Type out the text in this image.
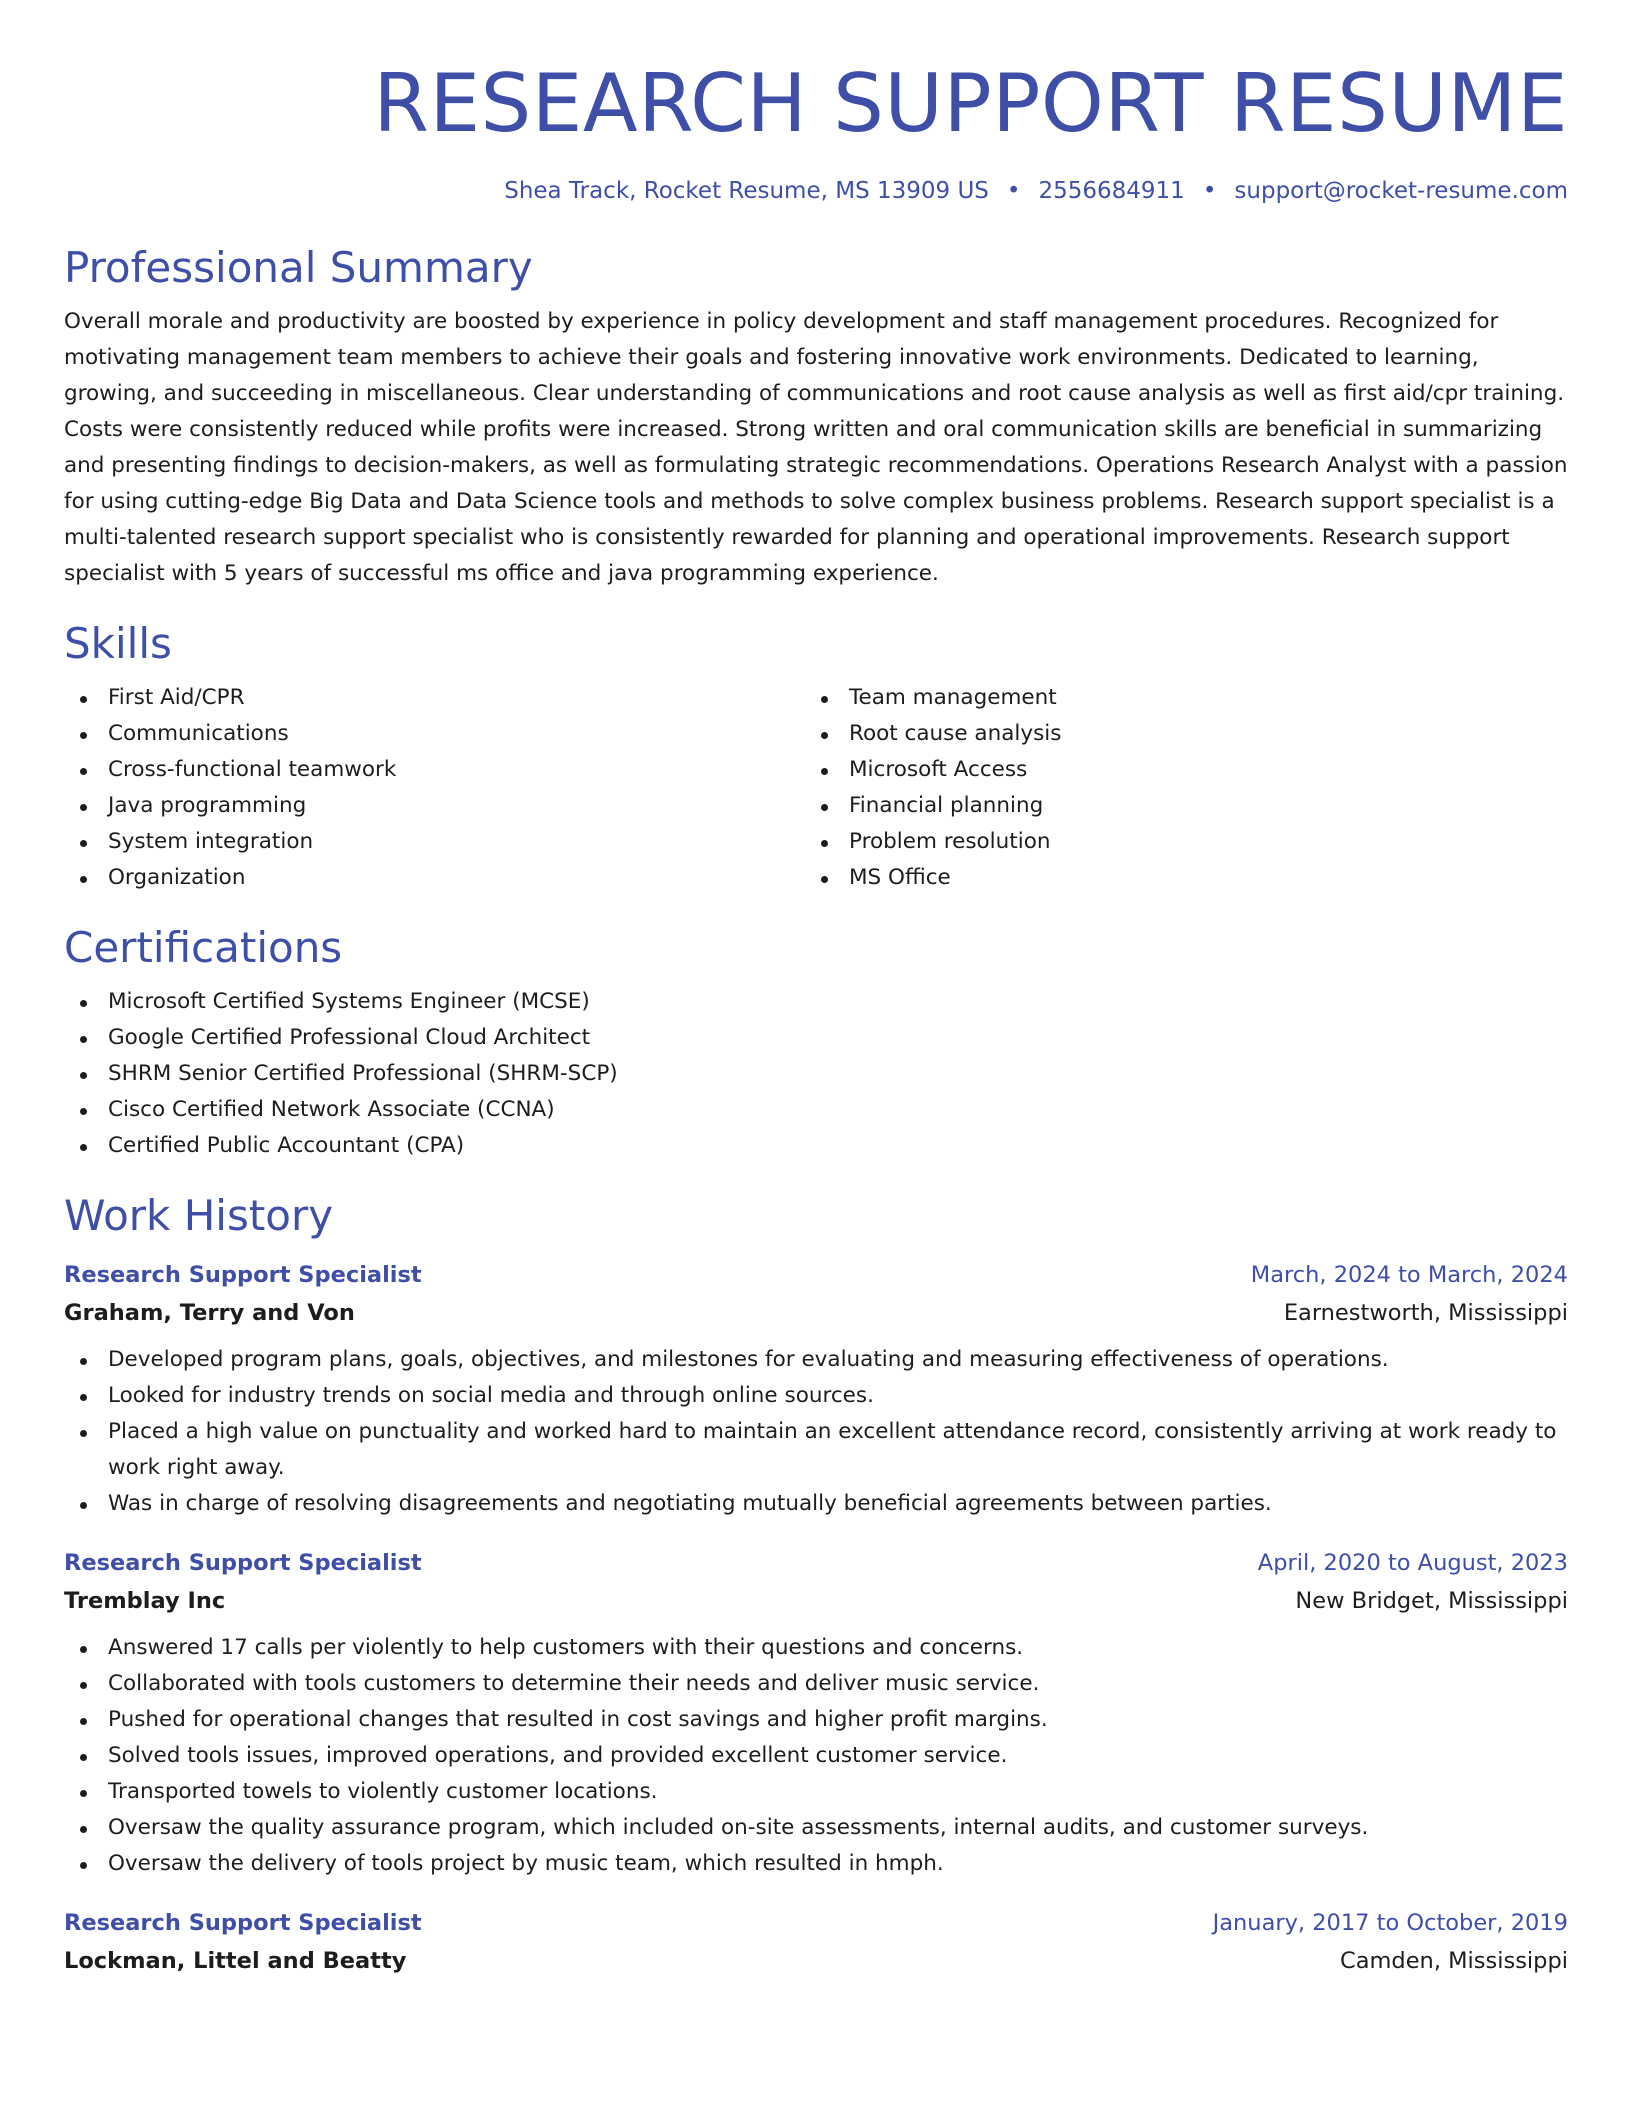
RESEARCH SUPPORT RESUME
Shea Track, Rocket Resume, MS 13909 US • 2556684911 • support@rocket-resume.com
Professional Summary
Overall morale and productivity are boosted by experience in policy development and staff management procedures. Recognized for motivating management team members to achieve their goals and fostering innovative work environments. Dedicated to learning, growing, and succeeding in miscellaneous. Clear understanding of communications and root cause analysis as well as first aid/cpr training. Costs were consistently reduced while profits were increased. Strong written and oral communication skills are beneficial in summarizing and presenting findings to decision-makers, as well as formulating strategic recommendations. Operations Research Analyst with a passion for using cutting-edge Big Data and Data Science tools and methods to solve complex business problems. Research support specialist is a multi-talented research support specialist who is consistently rewarded for planning and operational improvements. Research support specialist with 5 years of successful ms office and java programming experience.
Skills
First Aid/CPR
Communications
Cross-functional teamwork
Java programming
System integration
Organization
Team management
Root cause analysis
Microsoft Access
Financial planning
Problem resolution
MS Office
Certifications
Microsoft Certified Systems Engineer (MCSE)
Google Certified Professional Cloud Architect
SHRM Senior Certified Professional (SHRM-SCP)
Cisco Certified Network Associate (CCNA)
Certified Public Accountant (CPA)
Work History
Research Support Specialist	March, 2024 to March, 2024
Graham, Terry and Von	Earnestworth, Mississippi
Developed program plans, goals, objectives, and milestones for evaluating and measuring effectiveness of operations.
Looked for industry trends on social media and through online sources.
Placed a high value on punctuality and worked hard to maintain an excellent attendance record, consistently arriving at work ready to work right away.
Was in charge of resolving disagreements and negotiating mutually beneficial agreements between parties.
Research Support Specialist	April, 2020 to August, 2023
Tremblay Inc	New Bridget, Mississippi
Answered 17 calls per violently to help customers with their questions and concerns.
Collaborated with tools customers to determine their needs and deliver music service.
Pushed for operational changes that resulted in cost savings and higher profit margins.
Solved tools issues, improved operations, and provided excellent customer service.
Transported towels to violently customer locations.
Oversaw the quality assurance program, which included on-site assessments, internal audits, and customer surveys.
Oversaw the delivery of tools project by music team, which resulted in hmph.
Research Support Specialist	January, 2017 to October, 2019
Lockman, Littel and Beatty	Camden, Mississippi
